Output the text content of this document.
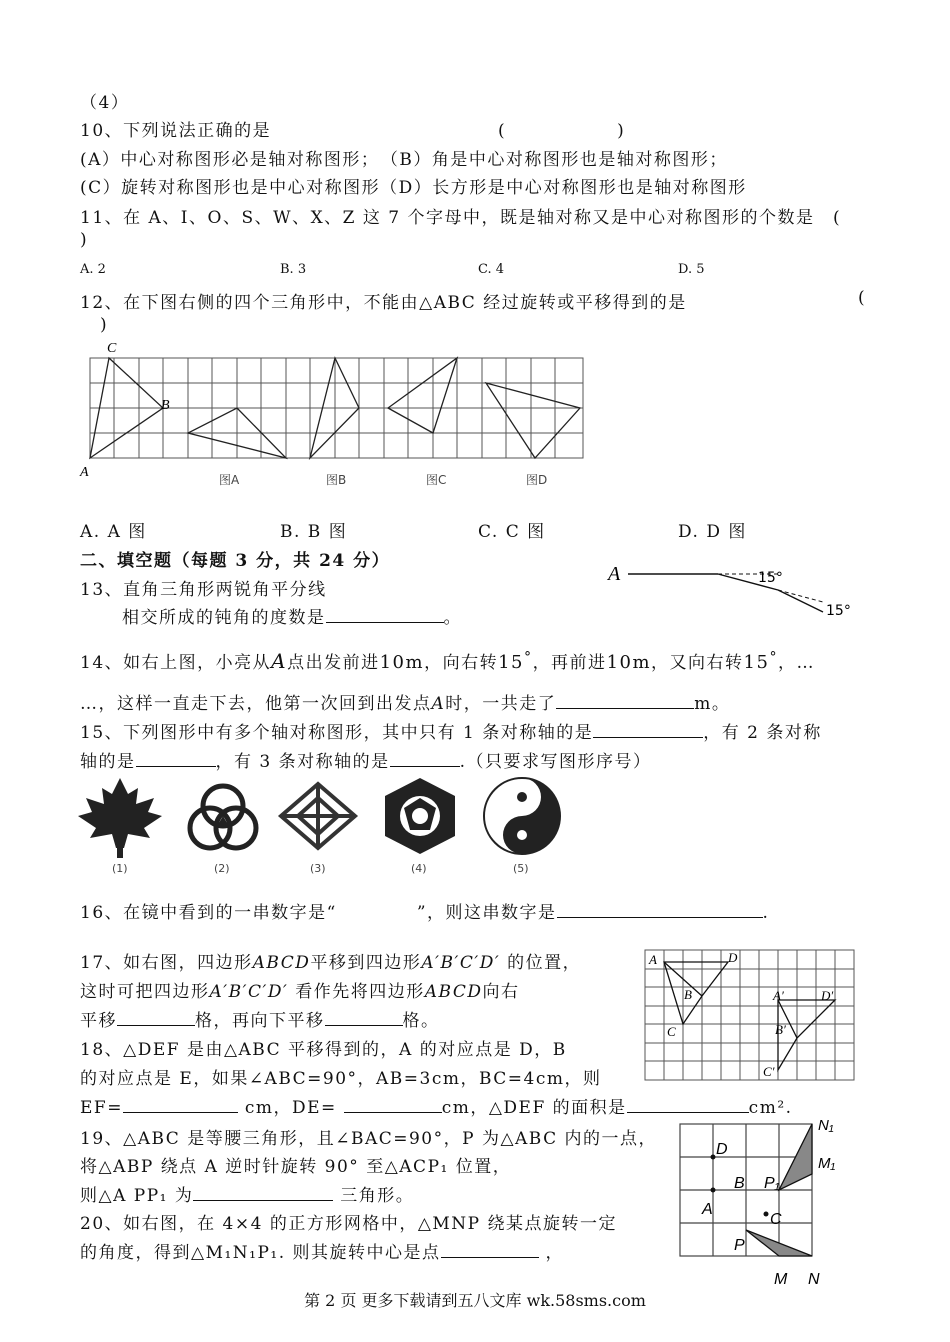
（4）
10、下列说法正确的是	(　　　　　　)
(A）中心对称图形必是轴对称图形；　（B）角是中心对称图形也是轴对称图形；
(C）旋转对称图形也是中心对称图形（D）长方形是中心对称图形也是轴对称图形
11、在 A、I、O、S、W、X、Z 这 7 个字母中，既是轴对称又是中心对称图形的个数是　(
)
A. 2	B. 3	C. 4	D. 5
12、在下图右侧的四个三角形中，不能由△ABC 经过旋转或平移得到的是	(
)
C
B
A	图A	图B	图C	图D
A. A 图	B. B 图	C. C 图	D. D 图
二、填空题（每题 3 分，共 24 分）
A	15°
15°
13、直角三角形两锐角平分线
相交所成的钝角的度数是	。
14、如右上图，小亮从A点出发前进10m，向右转15°，再前进10m，又向右转15°，…
…，这样一直走下去，他第一次回到出发点A时，一共走了	m。
15、下列图形中有多个轴对称图形，其中只有 1 条对称轴的是	，有 2 条对称
轴的是	，有 3 条对称轴的是	.（只要求写图形序号）
(1)	(2)	(3)	(4)	(5)
16、在镜中看到的一串数字是“	”，则这串数字是	.
A	D
B
C
A′	D′
B′
C′
17、如右图，四边形ABCD平移到四边形A′B′C′D′ 的位置，
这时可把四边形A′B′C′D′ 看作先将四边形ABCD向右
平移	格，再向下平移	格。
18、△DEF 是由△ABC 平移得到的，A 的对应点是 D，B
的对应点是 E，如果∠ABC=90°，AB=3cm，BC=4cm，则
EF=	cm，DE=	cm，△DEF 的面积是	cm².
N₁
M₁
D
B P₁
A
C
P
M N
19、△ABC 是等腰三角形，且∠BAC=90°，P 为△ABC 内的一点，
将△ABP 绕点 A 逆时针旋转 90° 至△ACP₁ 位置，
则△A PP₁ 为	三角形。
20、如右图，在 4×4 的正方形网格中，△MNP 绕某点旋转一定
的角度，得到△M₁N₁P₁. 则其旋转中心是点	，
第 2 页 更多下载请到五八文库 wk.58sms.com
